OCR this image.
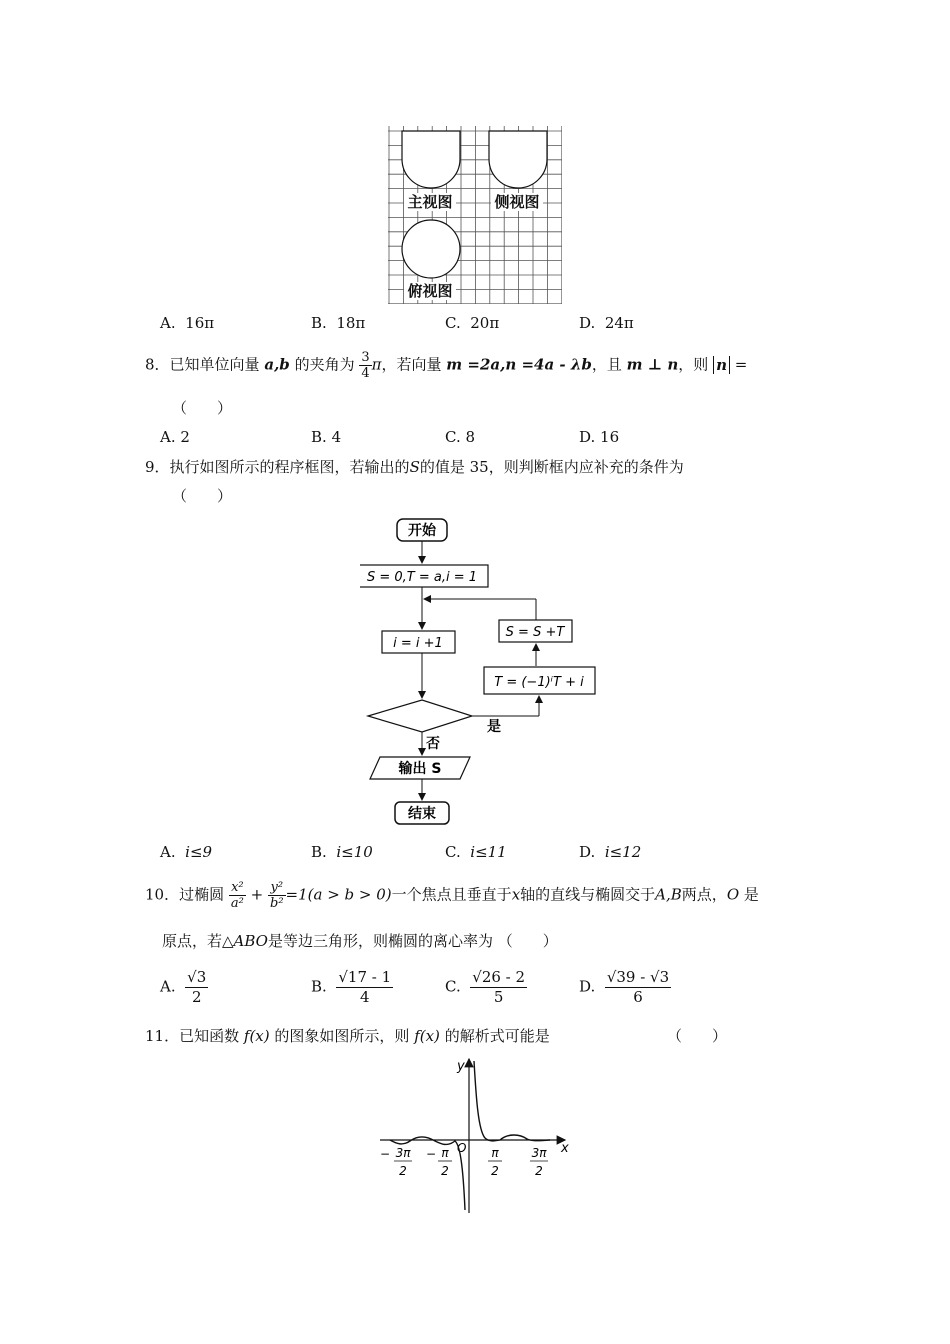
主视图	侧视图
俯视图
A. 16π	B. 18π	C. 20π	D. 24π
8．已知单位向量 a,b 的夹角为 $\frac{3}{4}$ π，若向量 m =2a,n =4a - λb，且 m ⊥ n，则 n =
（　　）
A. 2	B. 4	C. 8	D. 16
9．执行如图所示的程序框图，若输出的S的值是 35，则判断框内应补充的条件为
（　　）
开始
S = 0,T = a,i = 1
i = i +1
S = S +T
T = (−1)ⁱT + i
是
否
输出 S
结束
A. i≤9	B. i≤10	C. i≤11	D. i≤12
10．过椭圆 $\frac{\text{x²}}{\text{a²}} + \frac{\text{y²}}{\text{b²}} =1(a > b > 0)$一个焦点且垂直于x轴的直线与椭圆交于A,B两点，O 是
原点，若△ABO是等边三角形，则椭圆的离心率为 （　　）
A. $\frac{√3}{2}$	B. $\frac{√17 - 1}{4}$	C. $\frac{√26 - 2}{5}$	D. $\frac{√39 - √3}{6}$
11．已知函数 f(x) 的图象如图所示，则 f(x) 的解析式可能是	（　　）
y
x
O
− 3π
2
− π
2
π
2
3π
2
